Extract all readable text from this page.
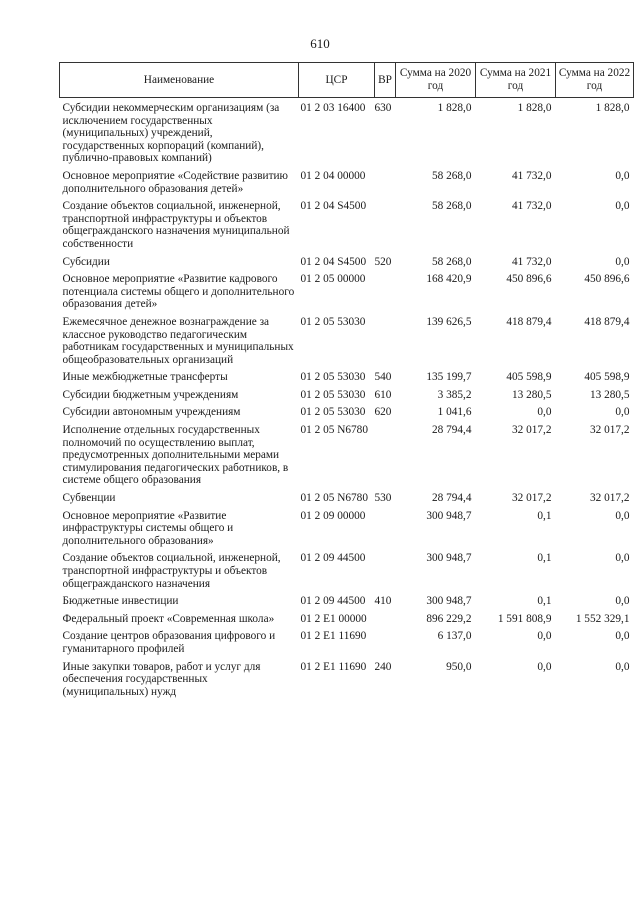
610
Наименование	ЦСР	ВР	Сумма на 2020 год	Сумма на 2021 год	Сумма на 2022 год
Субсидии некоммерческим организациям (за исключением государственных (муниципальных) учреждений, государственных корпораций (компаний), публично-правовых компаний)	01 2 03 16400	630	1 828,0	1 828,0	1 828,0
Основное мероприятие «Содействие развитию дополнительного образования детей»	01 2 04 00000		58 268,0	41 732,0	0,0
Создание объектов социальной, инженерной, транспортной инфраструктуры и объектов общегражданского назначения муниципальной собственности	01 2 04 S4500		58 268,0	41 732,0	0,0
Субсидии	01 2 04 S4500	520	58 268,0	41 732,0	0,0
Основное мероприятие «Развитие кадрового потенциала системы общего и дополнительного образования детей»	01 2 05 00000		168 420,9	450 896,6	450 896,6
Ежемесячное денежное вознаграждение за классное руководство педагогическим работникам государственных и муниципальных общеобразовательных организаций	01 2 05 53030		139 626,5	418 879,4	418 879,4
Иные межбюджетные трансферты	01 2 05 53030	540	135 199,7	405 598,9	405 598,9
Субсидии бюджетным учреждениям	01 2 05 53030	610	3 385,2	13 280,5	13 280,5
Субсидии автономным учреждениям	01 2 05 53030	620	1 041,6	0,0	0,0
Исполнение отдельных государственных полномочий по осуществлению выплат, предусмотренных дополнительными мерами стимулирования педагогических работников, в системе общего образования	01 2 05 N6780		28 794,4	32 017,2	32 017,2
Субвенции	01 2 05 N6780	530	28 794,4	32 017,2	32 017,2
Основное мероприятие «Развитие инфраструктуры системы общего и дополнительного образования»	01 2 09 00000		300 948,7	0,1	0,0
Создание объектов социальной, инженерной, транспортной инфраструктуры и объектов общегражданского назначения	01 2 09 44500		300 948,7	0,1	0,0
Бюджетные инвестиции	01 2 09 44500	410	300 948,7	0,1	0,0
Федеральный проект «Современная школа»	01 2 E1 00000		896 229,2	1 591 808,9	1 552 329,1
Создание центров образования цифрового и гуманитарного профилей	01 2 E1 11690		6 137,0	0,0	0,0
Иные закупки товаров, работ и услуг для обеспечения государственных (муниципальных) нужд	01 2 E1 11690	240	950,0	0,0	0,0
